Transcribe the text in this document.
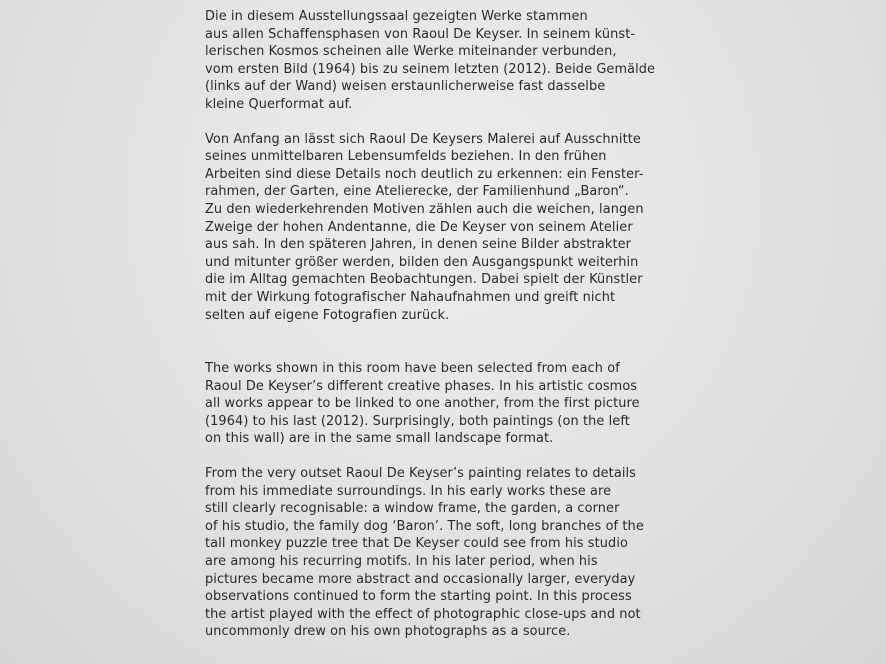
Die in diesem Ausstellungssaal gezeigten Werke stammen
aus allen Schaffensphasen von Raoul De Keyser. In seinem künst-
lerischen Kosmos scheinen alle Werke miteinander verbunden,
vom ersten Bild (1964) bis zu seinem letzten (2012). Beide Gemälde
(links auf der Wand) weisen erstaunlicherweise fast dasselbe
kleine Querformat auf.

Von Anfang an lässt sich Raoul De Keysers Malerei auf Ausschnitte
seines unmittelbaren Lebensumfelds beziehen. In den frühen
Arbeiten sind diese Details noch deutlich zu erkennen: ein Fenster-
rahmen, der Garten, eine Atelierecke, der Familienhund „Baron“.
Zu den wiederkehrenden Motiven zählen auch die weichen, langen
Zweige der hohen Andentanne, die De Keyser von seinem Atelier
aus sah. In den späteren Jahren, in denen seine Bilder abstrakter
und mitunter größer werden, bilden den Ausgangspunkt weiterhin
die im Alltag gemachten Beobachtungen. Dabei spielt der Künstler
mit der Wirkung fotografischer Nahaufnahmen und greift nicht
selten auf eigene Fotografien zurück.

The works shown in this room have been selected from each of
Raoul De Keyser’s different creative phases. In his artistic cosmos
all works appear to be linked to one another, from the first picture
(1964) to his last (2012). Surprisingly, both paintings (on the left
on this wall) are in the same small landscape format.

From the very outset Raoul De Keyser’s painting relates to details
from his immediate surroundings. In his early works these are
still clearly recognisable: a window frame, the garden, a corner
of his studio, the family dog ‘Baron’. The soft, long branches of the
tall monkey puzzle tree that De Keyser could see from his studio
are among his recurring motifs. In his later period, when his
pictures became more abstract and occasionally larger, everyday
observations continued to form the starting point. In this process
the artist played with the effect of photographic close-ups and not
uncommonly drew on his own photographs as a source.
